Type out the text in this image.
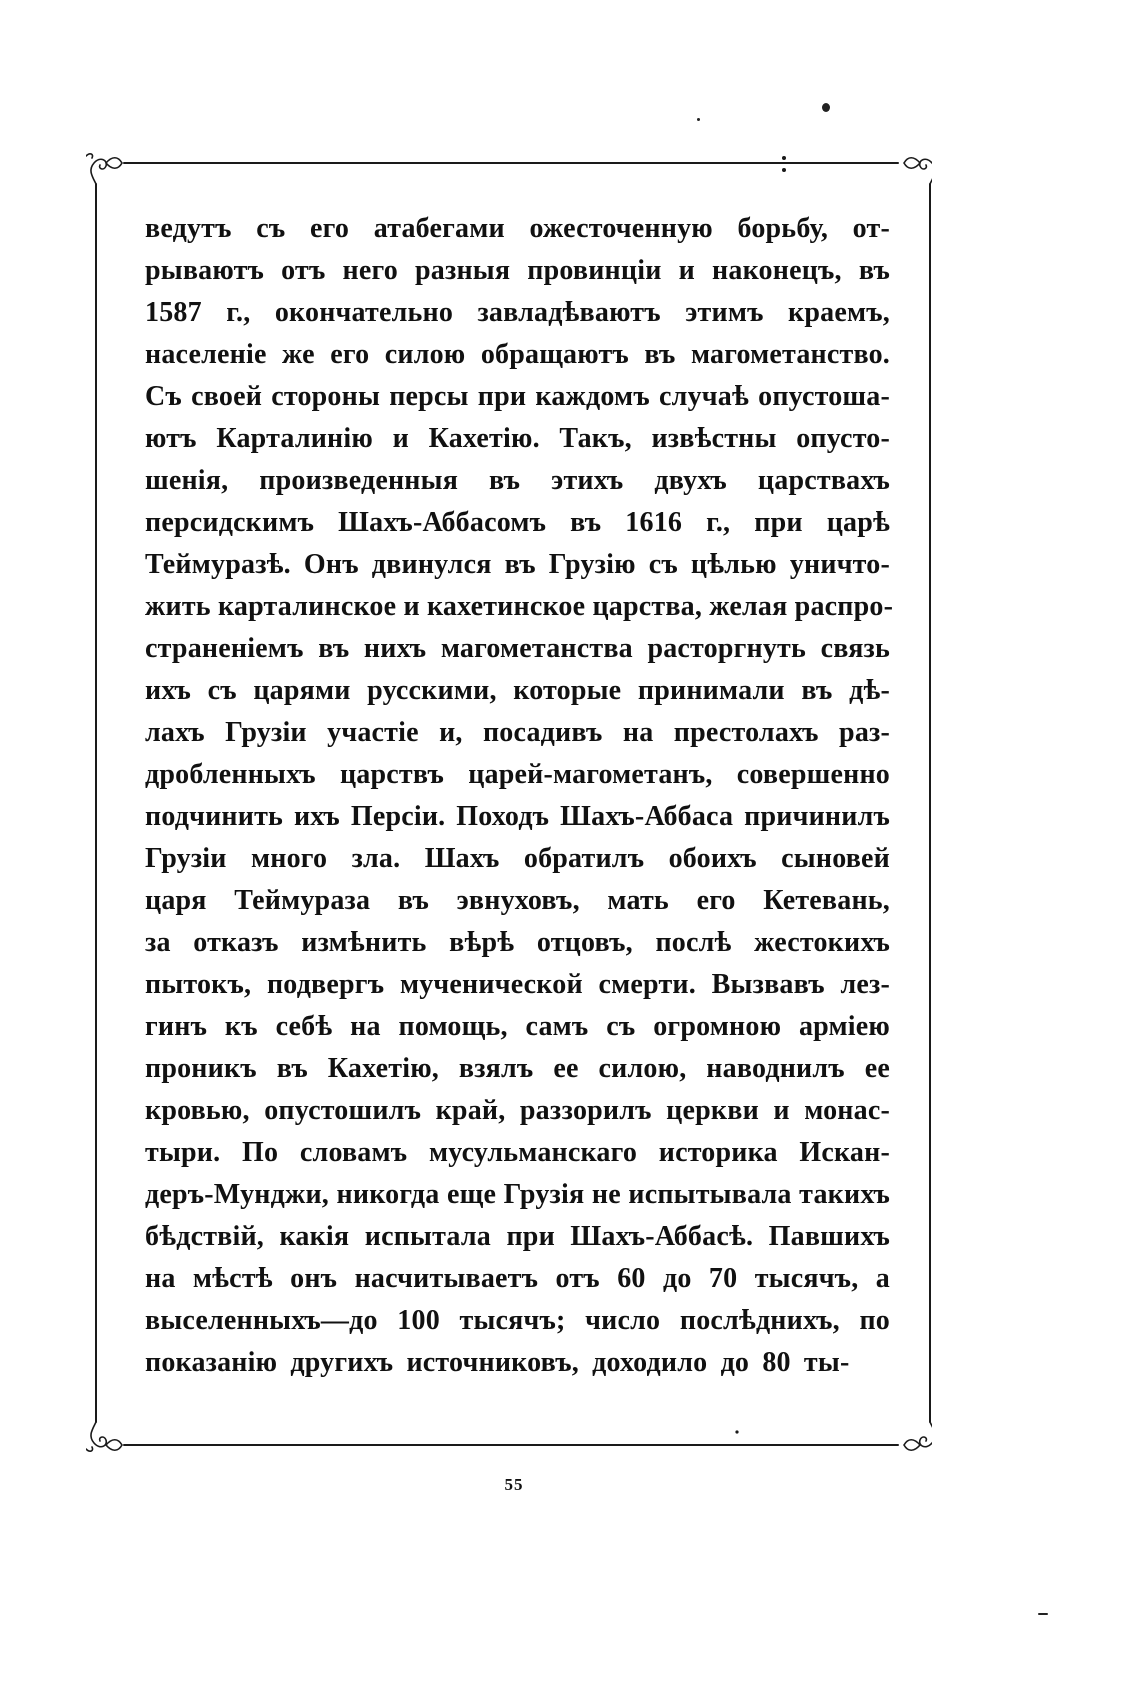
ведутъ съ его атабегами ожесточенную борьбу, от-
рываютъ отъ него разныя провинціи и наконецъ, въ
1587 г., окончательно завладѣваютъ этимъ краемъ,
населеніе же его силою обращаютъ въ магометанство.
Съ своей стороны персы при каждомъ случаѣ опустоша-
ютъ Карталинію и Кахетію. Такъ, извѣстны опусто-
шенія, произведенныя въ этихъ двухъ царствахъ
персидскимъ Шахъ-Аббасомъ въ 1616 г., при царѣ
Теймуразѣ. Онъ двинулся въ Грузію съ цѣлью уничто-
жить карталинское и кахетинское царства, желая распро-
страненіемъ въ нихъ магометанства расторгнуть связь
ихъ съ царями русскими, которые принимали въ дѣ-
лахъ Грузіи участіе и, посадивъ на престолахъ раз-
дробленныхъ царствъ царей-магометанъ, совершенно
подчинить ихъ Персіи. Походъ Шахъ-Аббаса причинилъ
Грузіи много зла. Шахъ обратилъ обоихъ сыновей
царя Теймураза въ эвнуховъ, мать его Кетевань,
за отказъ измѣнить вѣрѣ отцовъ, послѣ жестокихъ
пытокъ, подвергъ мученической смерти. Вызвавъ лез-
гинъ къ себѣ на помощь, самъ съ огромною арміею
проникъ въ Кахетію, взялъ ее силою, наводнилъ ее
кровью, опустошилъ край, раззорилъ церкви и монас-
тыри. По словамъ мусульманскаго историка Искан-
деръ-Мунджи, никогда еще Грузія не испытывала такихъ
бѣдствій, какія испытала при Шахъ-Аббасѣ. Павшихъ
на мѣстѣ онъ насчитываетъ отъ 60 до 70 тысячъ, а
выселенныхъ—до 100 тысячъ; число послѣднихъ, по
показанію другихъ источниковъ, доходило до 80 ты-
55
